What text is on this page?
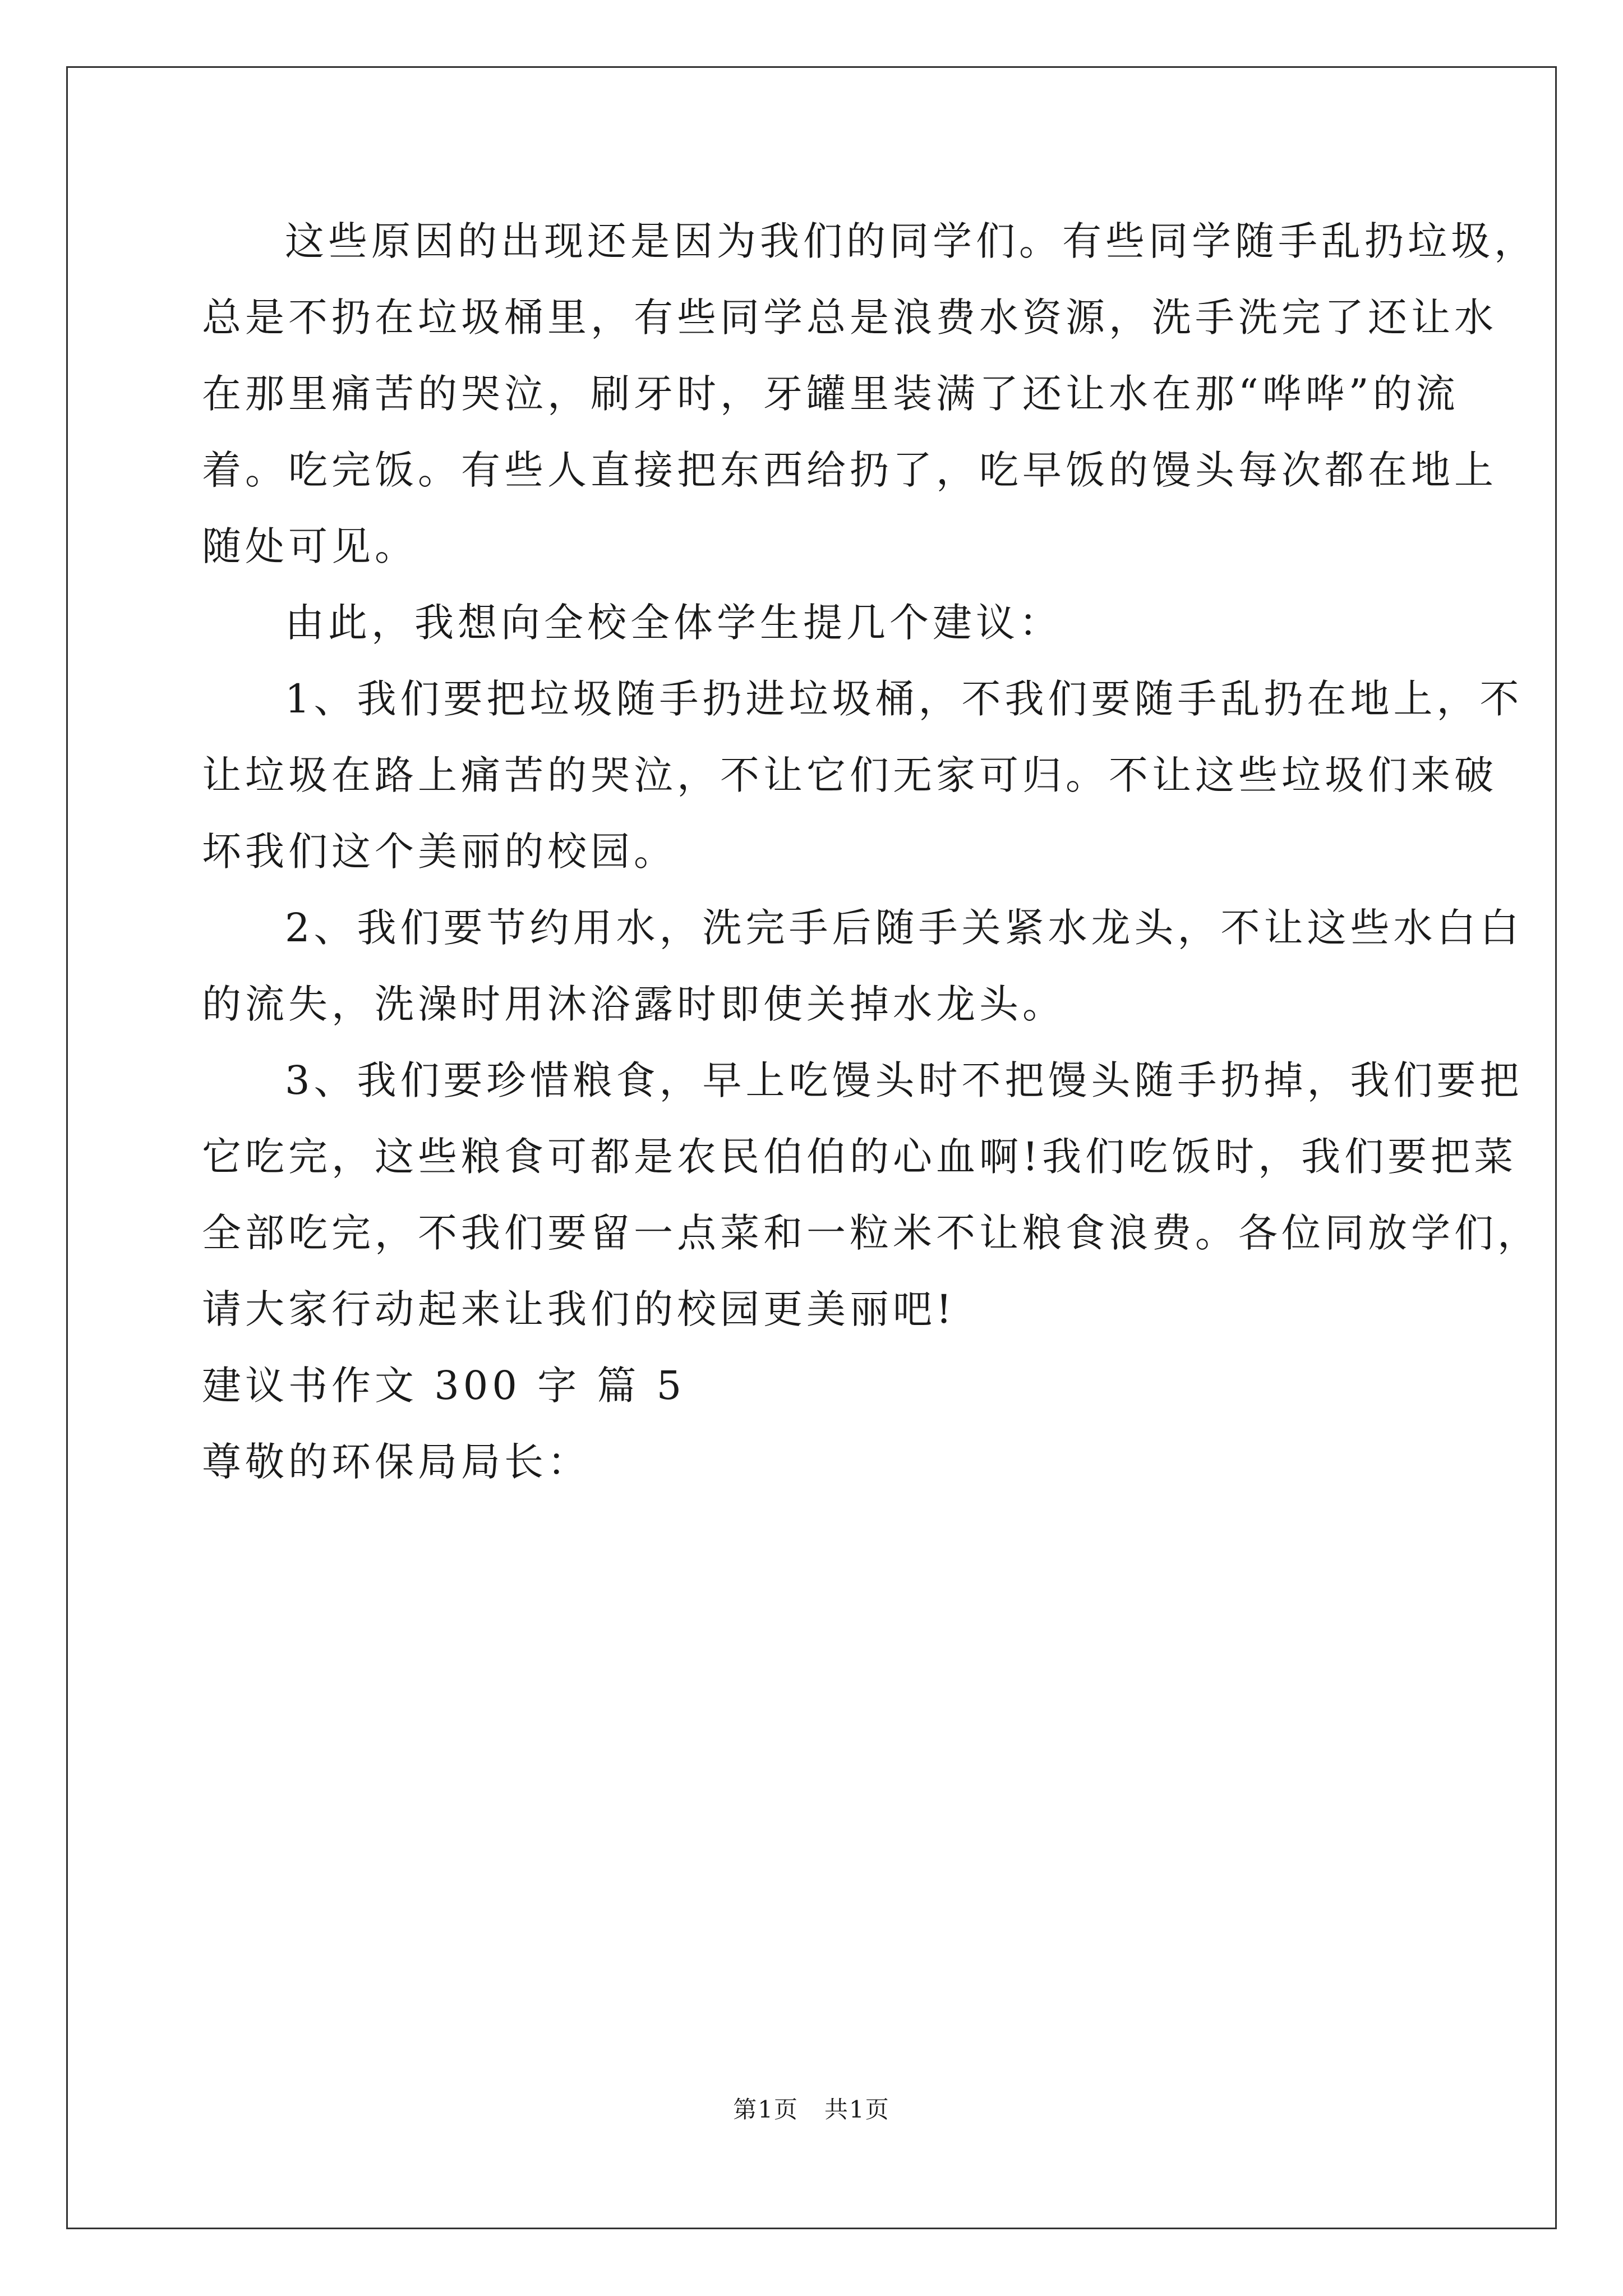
这些原因的出现还是因为我们的同学们。有些同学随手乱扔垃圾，
总是不扔在垃圾桶里，有些同学总是浪费水资源，洗手洗完了还让水
在那里痛苦的哭泣，刷牙时，牙罐里装满了还让水在那“哗哗”的流
着。吃完饭。有些人直接把东西给扔了，吃早饭的馒头每次都在地上
随处可见。
由此，我想向全校全体学生提几个建议：
1、我们要把垃圾随手扔进垃圾桶，不我们要随手乱扔在地上，不
让垃圾在路上痛苦的哭泣，不让它们无家可归。不让这些垃圾们来破
坏我们这个美丽的校园。
2、我们要节约用水，洗完手后随手关紧水龙头，不让这些水白白
的流失，洗澡时用沐浴露时即使关掉水龙头。
3、我们要珍惜粮食，早上吃馒头时不把馒头随手扔掉，我们要把
它吃完，这些粮食可都是农民伯伯的心血啊!我们吃饭时，我们要把菜
全部吃完，不我们要留一点菜和一粒米不让粮食浪费。各位同放学们，
请大家行动起来让我们的校园更美丽吧!
建议书作文 300 字 篇 5
尊敬的环保局局长：
第1页 共1页
